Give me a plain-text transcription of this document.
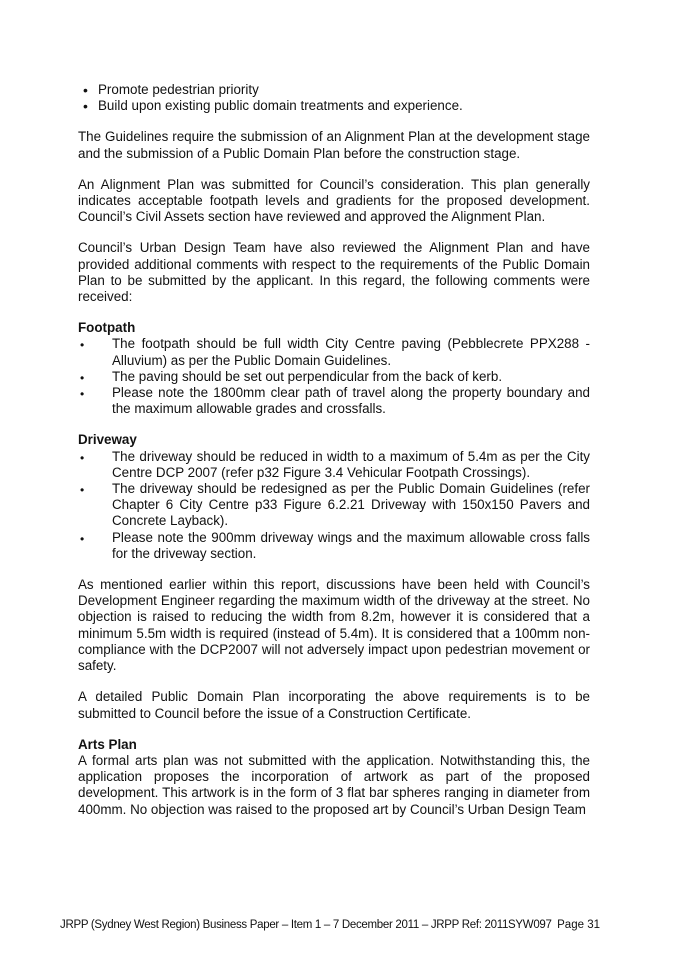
• Promote pedestrian priority
• Build upon existing public domain treatments and experience.

The Guidelines require the submission of an Alignment Plan at the development stage and the submission of a Public Domain Plan before the construction stage.

An Alignment Plan was submitted for Council’s consideration. This plan generally indicates acceptable footpath levels and gradients for the proposed development. Council’s Civil Assets section have reviewed and approved the Alignment Plan.

Council’s Urban Design Team have also reviewed the Alignment Plan and have provided additional comments with respect to the requirements of the Public Domain Plan to be submitted by the applicant. In this regard, the following comments were received:

Footpath
• The footpath should be full width City Centre paving (Pebblecrete PPX288 - Alluvium) as per the Public Domain Guidelines.
• The paving should be set out perpendicular from the back of kerb.
• Please note the 1800mm clear path of travel along the property boundary and the maximum allowable grades and crossfalls.
Driveway
• The driveway should be reduced in width to a maximum of 5.4m as per the City Centre DCP 2007 (refer p32 Figure 3.4 Vehicular Footpath Crossings).
• The driveway should be redesigned as per the Public Domain Guidelines (refer Chapter 6 City Centre p33 Figure 6.2.21 Driveway with 150x150 Pavers and Concrete Layback).
• Please note the 900mm driveway wings and the maximum allowable cross falls for the driveway section.

As mentioned earlier within this report, discussions have been held with Council’s Development Engineer regarding the maximum width of the driveway at the street. No objection is raised to reducing the width from 8.2m, however it is considered that a minimum 5.5m width is required (instead of 5.4m). It is considered that a 100mm non-compliance with the DCP2007 will not adversely impact upon pedestrian movement or safety.

A detailed Public Domain Plan incorporating the above requirements is to be submitted to Council before the issue of a Construction Certificate.

Arts Plan

A formal arts plan was not submitted with the application. Notwithstanding this, the application proposes the incorporation of artwork as part of the proposed development. This artwork is in the form of 3 flat bar spheres ranging in diameter from 400mm. No objection was raised to the proposed art by Council’s Urban Design Team

JRPP (Sydney West Region) Business Paper – Item 1 – 7 December 2011 – JRPP Ref: 2011SYW097 Page 31
